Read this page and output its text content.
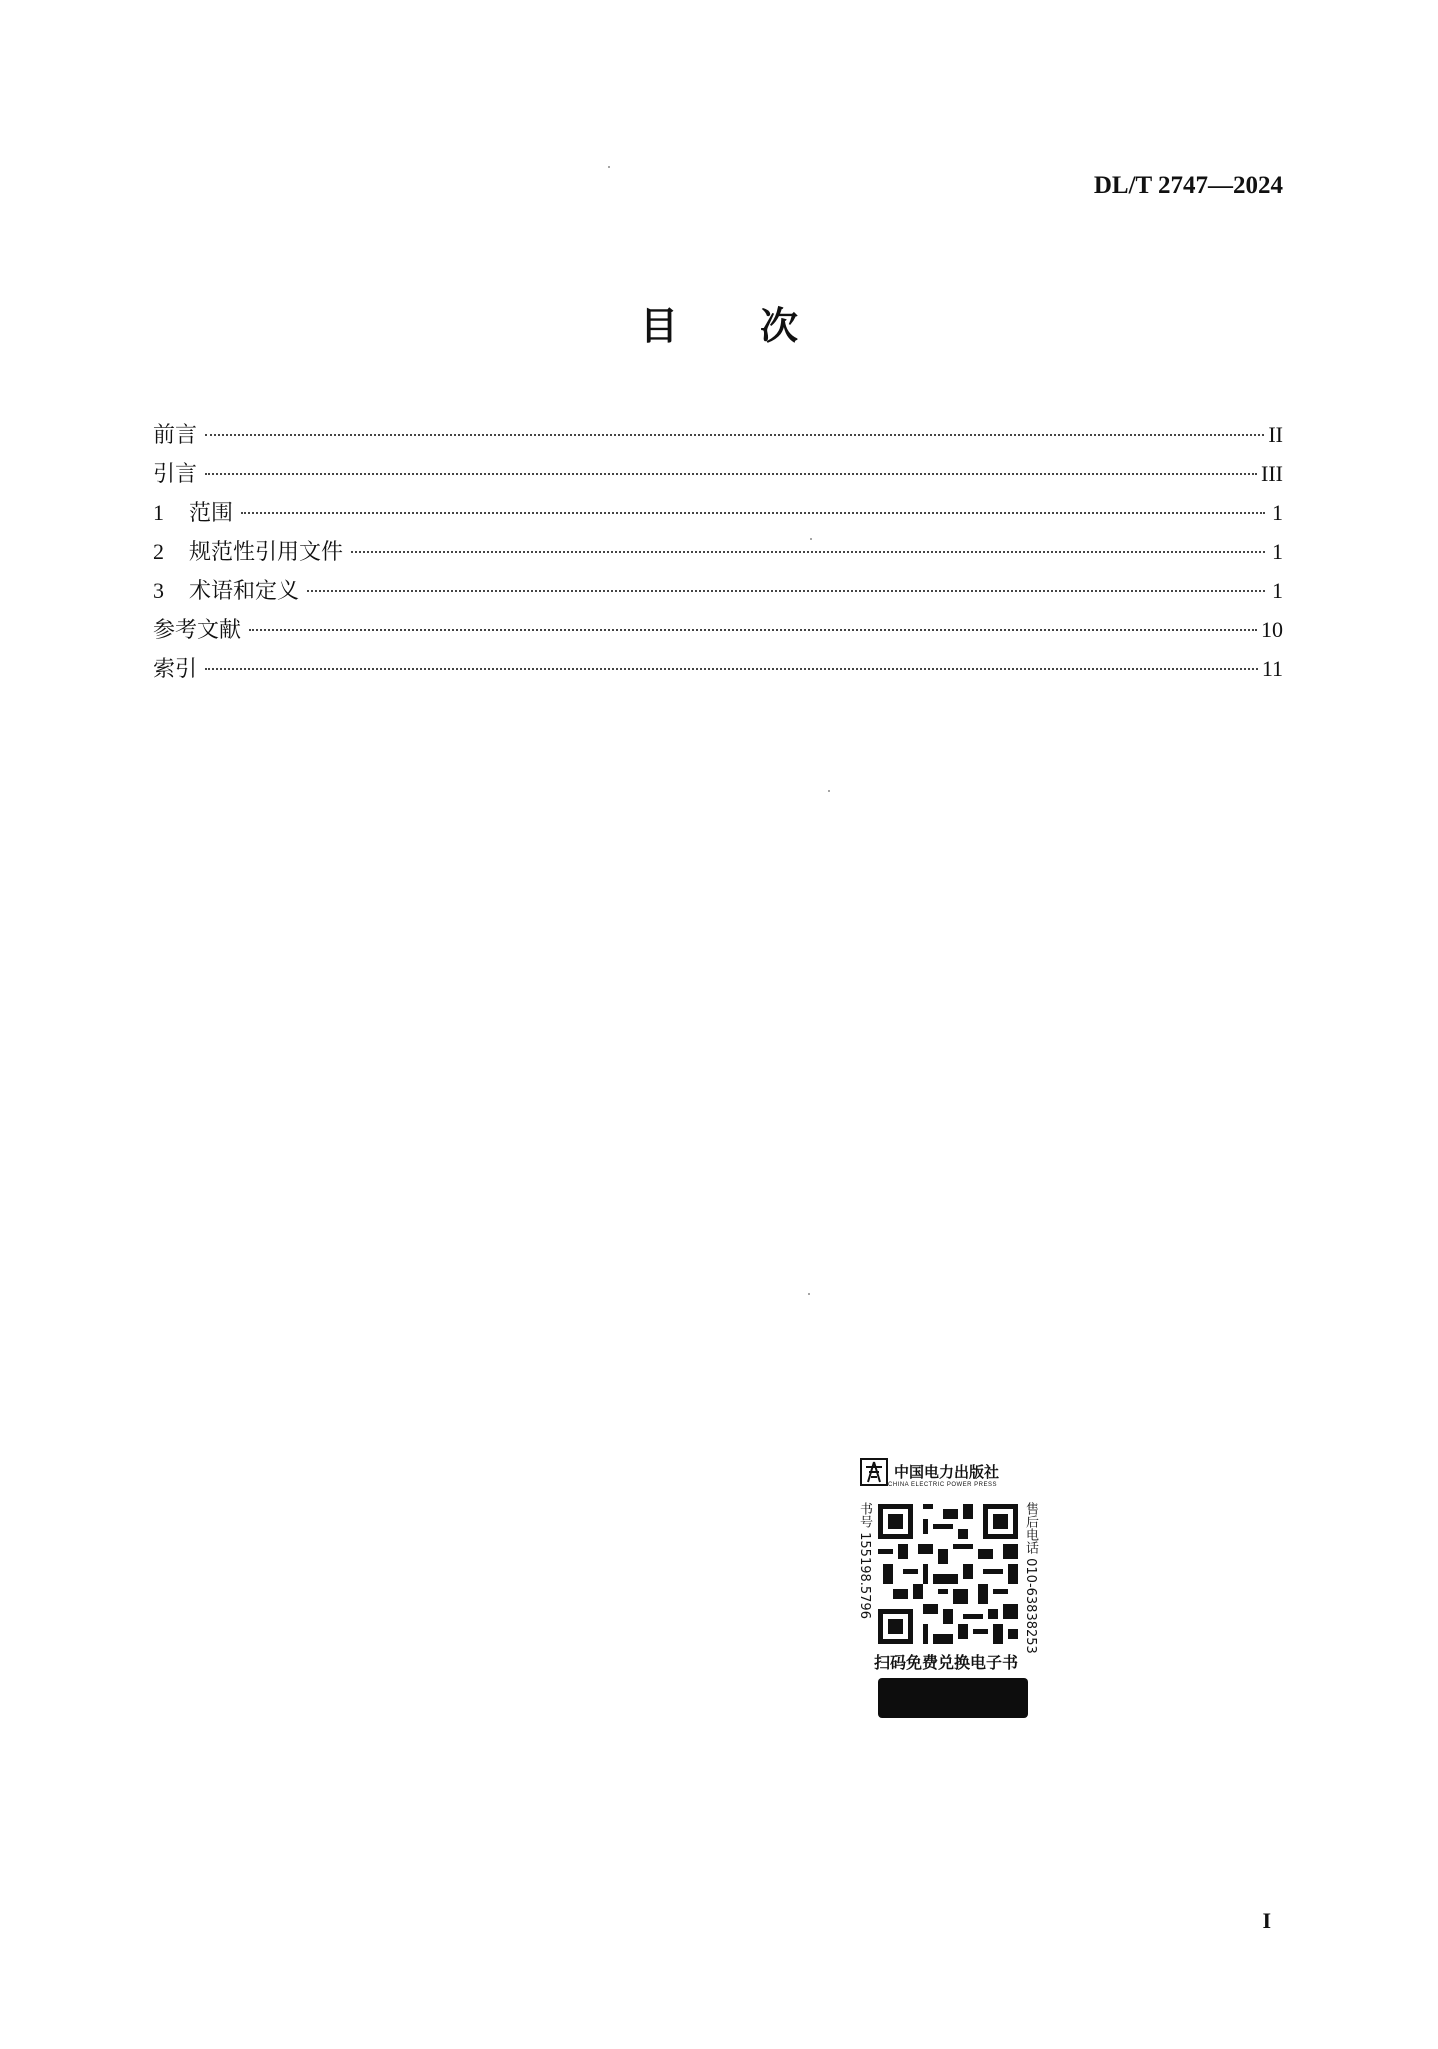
DL/T 2747—2024
目次
前言	II
引言	III
1	范围	1
2	规范性引用文件	1
3	术语和定义	1
参考文献	10
索引	11
中国电力出版社
CHINA ELECTRIC POWER PRESS
书号 155198.5796	售后电话 010-63838253
扫码免费兑换电子书
I
